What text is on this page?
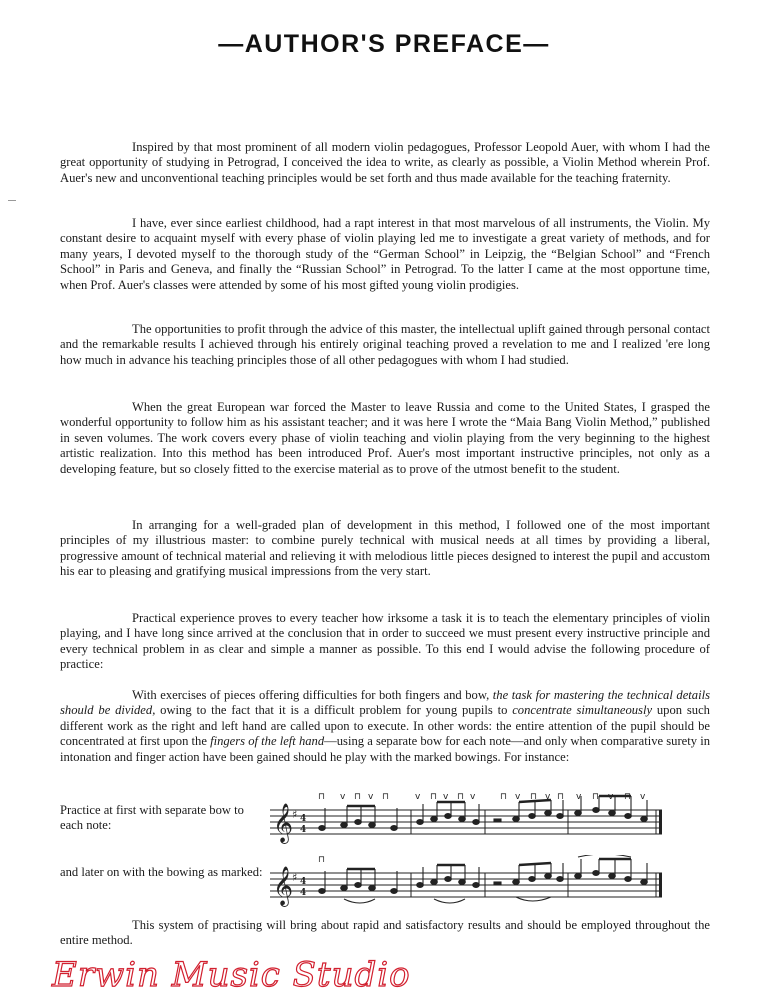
—AUTHOR'S PREFACE—

Inspired by that most prominent of all modern violin pedagogues, Professor Leopold Auer, with whom I had the great opportunity of studying in Petrograd, I conceived the idea to write, as clearly as possible, a Violin Method wherein Prof. Auer's new and unconventional teaching principles would be set forth and thus made available for the teaching fraternity.

I have, ever since earliest childhood, had a rapt interest in that most marvelous of all instruments, the Violin. My constant desire to acquaint myself with every phase of violin playing led me to investigate a great variety of methods, and for many years, I devoted myself to the thorough study of the “German School” in Leipzig, the “Belgian School” and “French School” in Paris and Geneva, and finally the “Russian School” in Petrograd. To the latter I came at the most opportune time, when Prof. Auer's classes were attended by some of his most gifted young violin prodigies.

The opportunities to profit through the advice of this master, the intellectual uplift gained through personal contact and the remarkable results I achieved through his entirely original teaching proved a revelation to me and I realized 'ere long how much in advance his teaching principles those of all other pedagogues with whom I had studied.

When the great European war forced the Master to leave Russia and come to the United States, I grasped the wonderful opportunity to follow him as his assistant teacher; and it was here I wrote the “Maia Bang Violin Method,” published in seven volumes. The work covers every phase of violin teaching and violin playing from the very beginning to the highest artistic realization. Into this method has been introduced Prof. Auer's most important instructive principles, not only as a developing feature, but so closely fitted to the exercise material as to prove of the utmost benefit to the student.

In arranging for a well-graded plan of development in this method, I followed one of the most important principles of my illustrious master: to combine purely technical with musical needs at all times by providing a liberal, progressive amount of technical material and relieving it with melodious little pieces designed to interest the pupil and accustom his ear to pleasing and gratifying musical impressions from the very start.

Practical experience proves to every teacher how irksome a task it is to teach the elementary principles of violin playing, and I have long since arrived at the conclusion that in order to succeed we must present every instructive principle and every technical problem in as clear and simple a manner as possible. To this end I would advise the following procedure of practice:

With exercises of pieces offering difficulties for both fingers and bow, the task for mastering the technical details should be divided, owing to the fact that it is a difficult problem for young pupils to concentrate simultaneously upon such different work as the right and left hand are called upon to execute. In other words: the entire attention of the pupil should be concentrated at first upon the fingers of the left hand—using a separate bow for each note—and only when comparative surety in intonation and finger action have been gained should he play with the marked bowings. For instance:

Practice at first with separate bow to each note:	𝄞
♯ 4
4
⊓ v ⊓ v ⊓	v ⊓ v ⊓ v	⊓ v ⊓ v ⊓ v ⊓ v ⊓ v
and later on with the bowing as marked: 𝄞
♯ 4
4
⊓

This system of practising will bring about rapid and satisfactory results and should be employed throughout the entire method.

Erwin Music Studio
